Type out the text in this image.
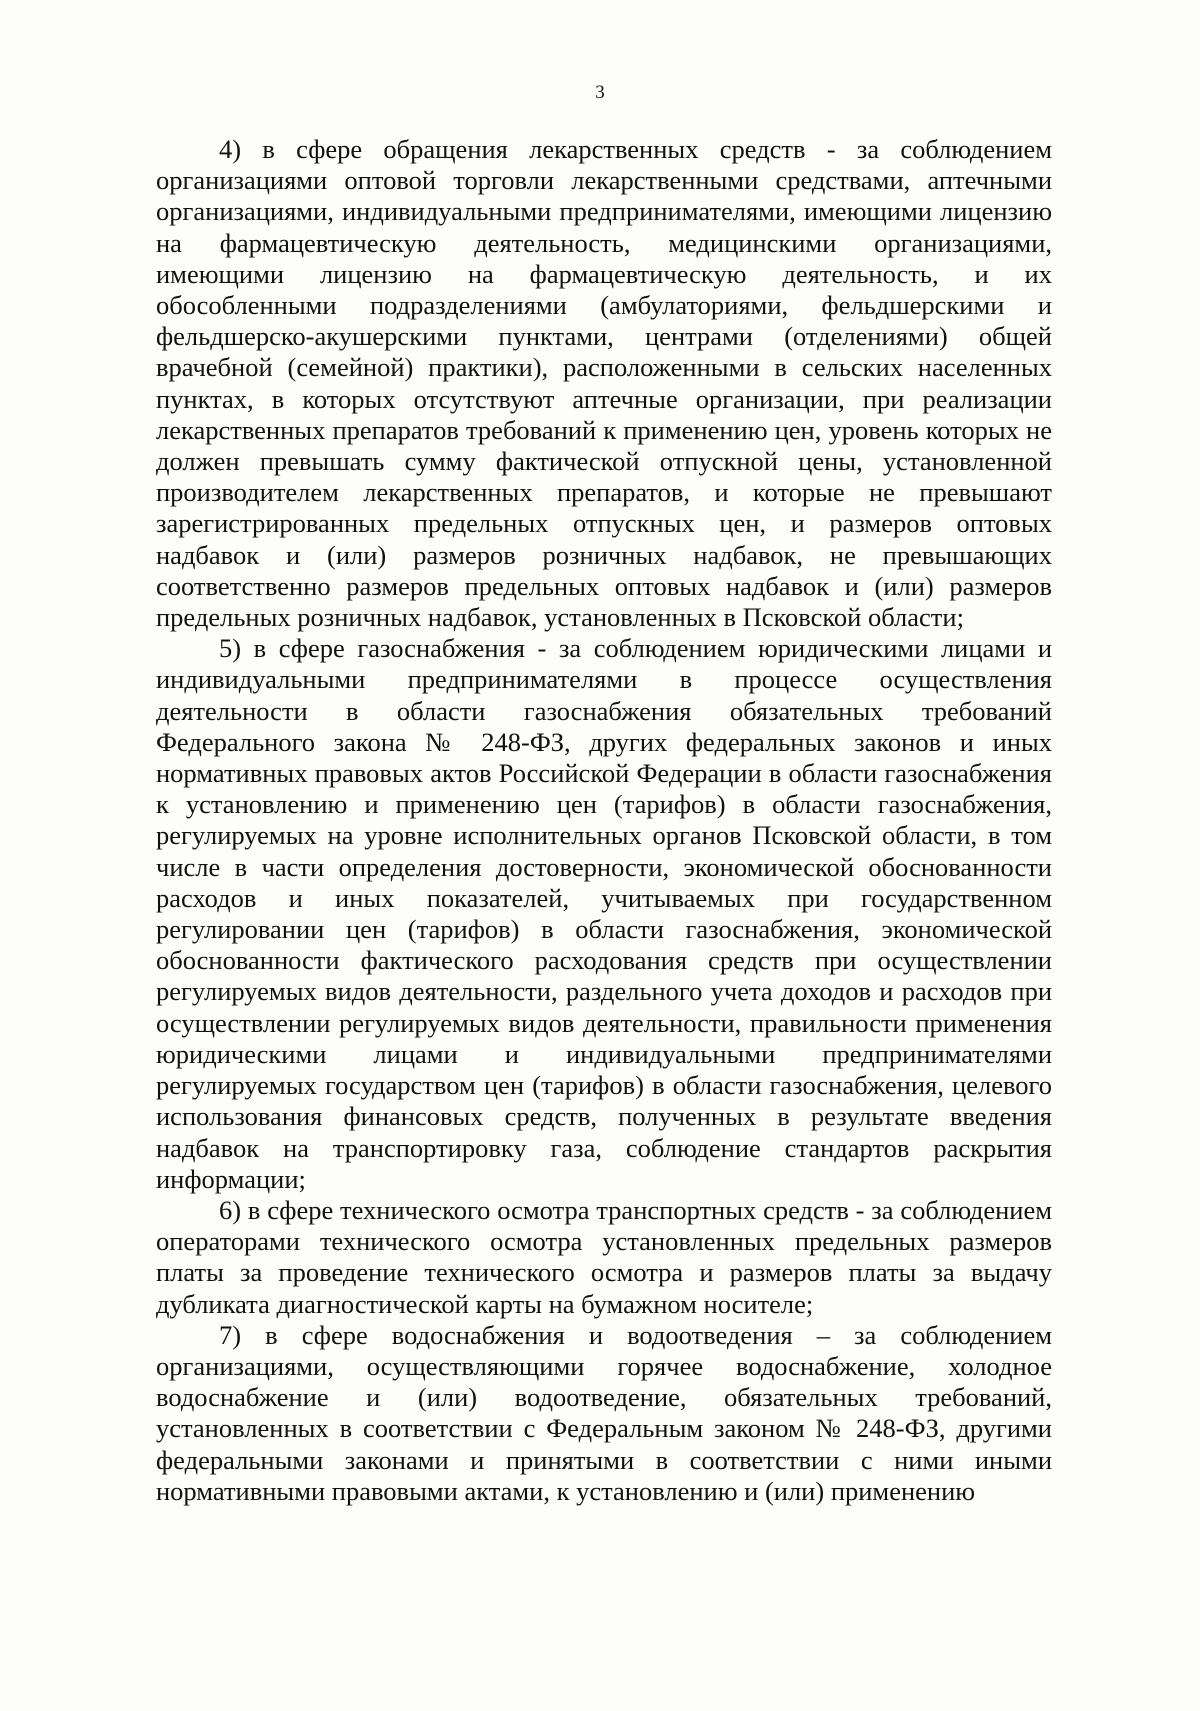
3

4) в сфере обращения лекарственных средств - за соблюдением организациями оптовой торговли лекарственными средствами, аптечными организациями, индивидуальными предпринимателями, имеющими лицензию на фармацевтическую деятельность, медицинскими организациями, имеющими лицензию на фармацевтическую деятельность, и их обособленными подразделениями (амбулаториями, фельдшерскими и фельдшерско-акушерскими пунктами, центрами (отделениями) общей врачебной (семейной) практики), расположенными в сельских населенных пунктах, в которых отсутствуют аптечные организации, при реализации лекарственных препаратов требований к применению цен, уровень которых не должен превышать сумму фактической отпускной цены, установленной производителем лекарственных препаратов, и которые не превышают зарегистрированных предельных отпускных цен, и размеров оптовых надбавок и (или) размеров розничных надбавок, не превышающих соответственно размеров предельных оптовых надбавок и (или) размеров предельных розничных надбавок, установленных в Псковской области;

5) в сфере газоснабжения - за соблюдением юридическими лицами и индивидуальными предпринимателями в процессе осуществления деятельности в области газоснабжения обязательных требований Федерального закона № 248-ФЗ, других федеральных законов и иных нормативных правовых актов Российской Федерации в области газоснабжения к установлению и применению цен (тарифов) в области газоснабжения, регулируемых на уровне исполнительных органов Псковской области, в том числе в части определения достоверности, экономической обоснованности расходов и иных показателей, учитываемых при государственном регулировании цен (тарифов) в области газоснабжения, экономической обоснованности фактического расходования средств при осуществлении регулируемых видов деятельности, раздельного учета доходов и расходов при осуществлении регулируемых видов деятельности, правильности применения юридическими лицами и индивидуальными предпринимателями регулируемых государством цен (тарифов) в области газоснабжения, целевого использования финансовых средств, полученных в результате введения надбавок на транспортировку газа, соблюдение стандартов раскрытия информации;

6) в сфере технического осмотра транспортных средств - за соблюдением операторами технического осмотра установленных предельных размеров платы за проведение технического осмотра и размеров платы за выдачу дубликата диагностической карты на бумажном носителе;

7) в сфере водоснабжения и водоотведения – за соблюдением организациями, осуществляющими горячее водоснабжение, холодное водоснабжение и (или) водоотведение, обязательных требований, установленных в соответствии с Федеральным законом № 248-ФЗ, другими федеральными законами и принятыми в соответствии с ними иными нормативными правовыми актами, к установлению и (или) применению
